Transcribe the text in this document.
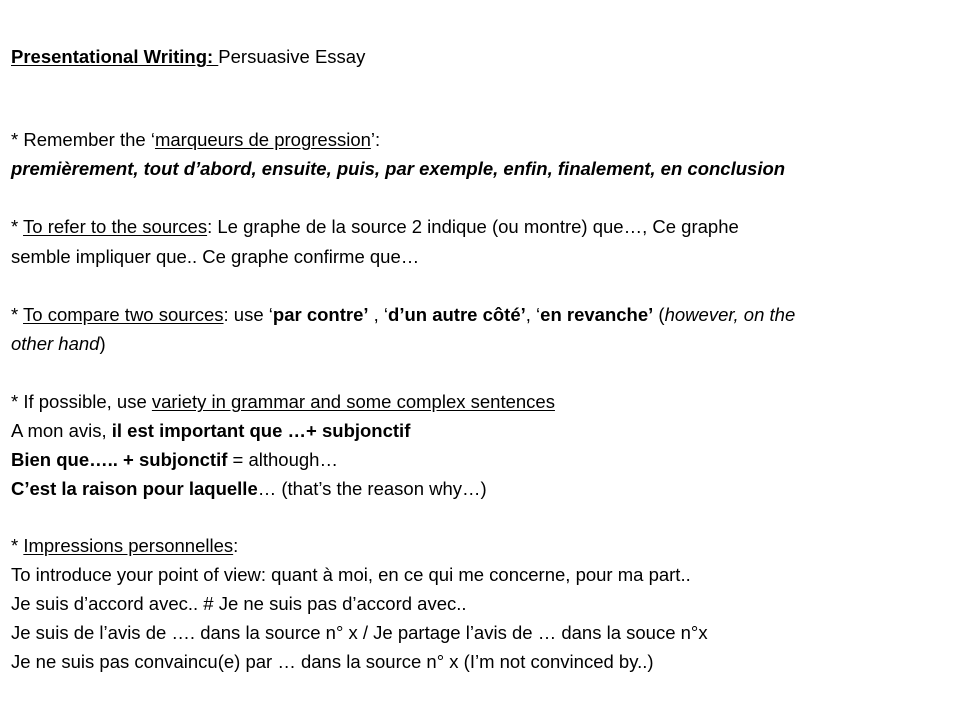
Presentational Writing: Persuasive Essay
* Remember the ‘marqueurs de progression’:
premièrement, tout d’abord, ensuite, puis, par exemple, enfin, finalement, en conclusion
* To refer to the sources: Le graphe de la source 2 indique (ou montre) que…, Ce graphe
semble impliquer que.. Ce graphe confirme que…
* To compare two sources: use ‘par contre’ , ‘d’un autre côté’, ‘en revanche’ (however, on the
other hand)
* If possible, use variety in grammar and some complex sentences
A mon avis, il est important que …+ subjonctif
Bien que….. + subjonctif = although…
C’est la raison pour laquelle… (that’s the reason why…)
* Impressions personnelles:
To introduce your point of view: quant à moi, en ce qui me concerne, pour ma part..
Je suis d’accord avec.. # Je ne suis pas d’accord avec..
Je suis de l’avis de …. dans la source n° x / Je partage l’avis de … dans la souce n°x
Je ne suis pas convaincu(e) par … dans la source n° x (I’m not convinced by..)
